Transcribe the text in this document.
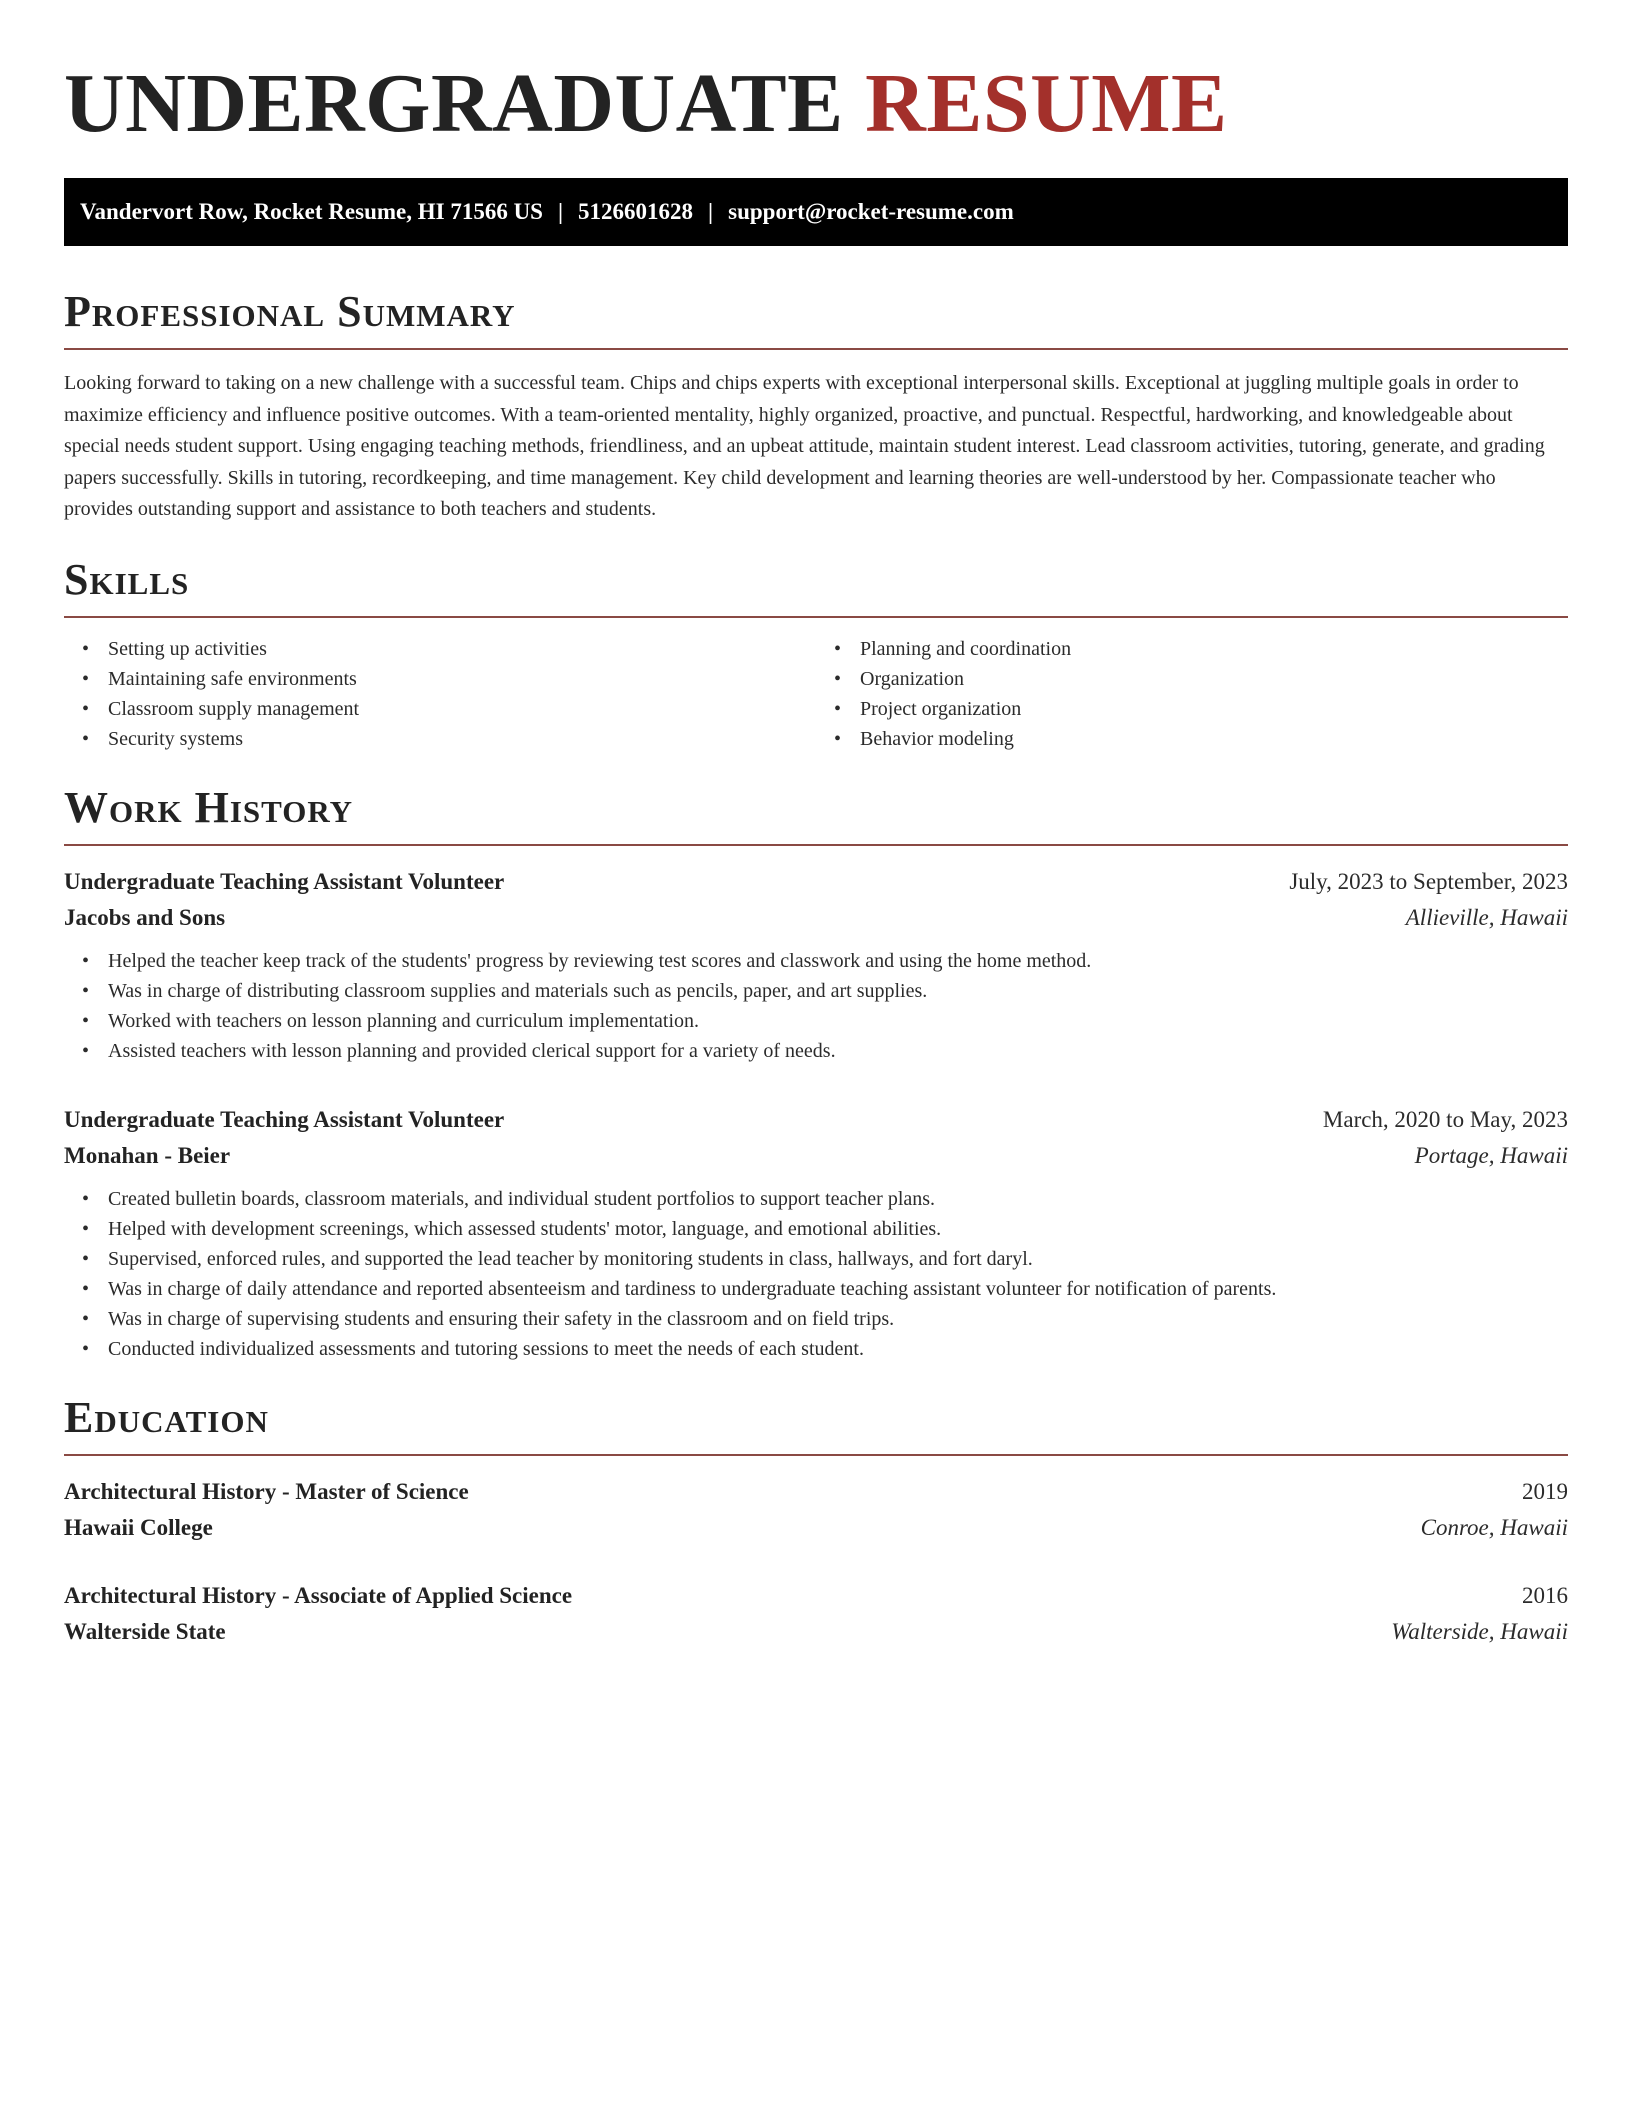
UNDERGRADUATE RESUME
Vandervort Row, Rocket Resume, HI 71566 US | 5126601628 | support@rocket-resume.com
Professional Summary

Looking forward to taking on a new challenge with a successful team. Chips and chips experts with exceptional interpersonal skills. Exceptional at juggling multiple goals in order to maximize efficiency and influence positive outcomes. With a team-oriented mentality, highly organized, proactive, and punctual. Respectful, hardworking, and knowledgeable about special needs student support. Using engaging teaching methods, friendliness, and an upbeat attitude, maintain student interest. Lead classroom activities, tutoring, generate, and grading papers successfully. Skills in tutoring, recordkeeping, and time management. Key child development and learning theories are well-understood by her. Compassionate teacher who provides outstanding support and assistance to both teachers and students.

Skills
• Setting up activities
• Maintaining safe environments
• Classroom supply management
• Security systems
• Planning and coordination
• Organization
• Project organization
• Behavior modeling
Work History
Undergraduate Teaching Assistant Volunteer	July, 2023 to September, 2023
Jacobs and Sons	Allieville, Hawaii
• Helped the teacher keep track of the students' progress by reviewing test scores and classwork and using the home method.
• Was in charge of distributing classroom supplies and materials such as pencils, paper, and art supplies.
• Worked with teachers on lesson planning and curriculum implementation.
• Assisted teachers with lesson planning and provided clerical support for a variety of needs.
Undergraduate Teaching Assistant Volunteer	March, 2020 to May, 2023
Monahan - Beier	Portage, Hawaii
• Created bulletin boards, classroom materials, and individual student portfolios to support teacher plans.
• Helped with development screenings, which assessed students' motor, language, and emotional abilities.
• Supervised, enforced rules, and supported the lead teacher by monitoring students in class, hallways, and fort daryl.
• Was in charge of daily attendance and reported absenteeism and tardiness to undergraduate teaching assistant volunteer for notification of parents.
• Was in charge of supervising students and ensuring their safety in the classroom and on field trips.
• Conducted individualized assessments and tutoring sessions to meet the needs of each student.
Education
Architectural History - Master of Science	2019
Hawaii College	Conroe, Hawaii
Architectural History - Associate of Applied Science	2016
Walterside State	Walterside, Hawaii
